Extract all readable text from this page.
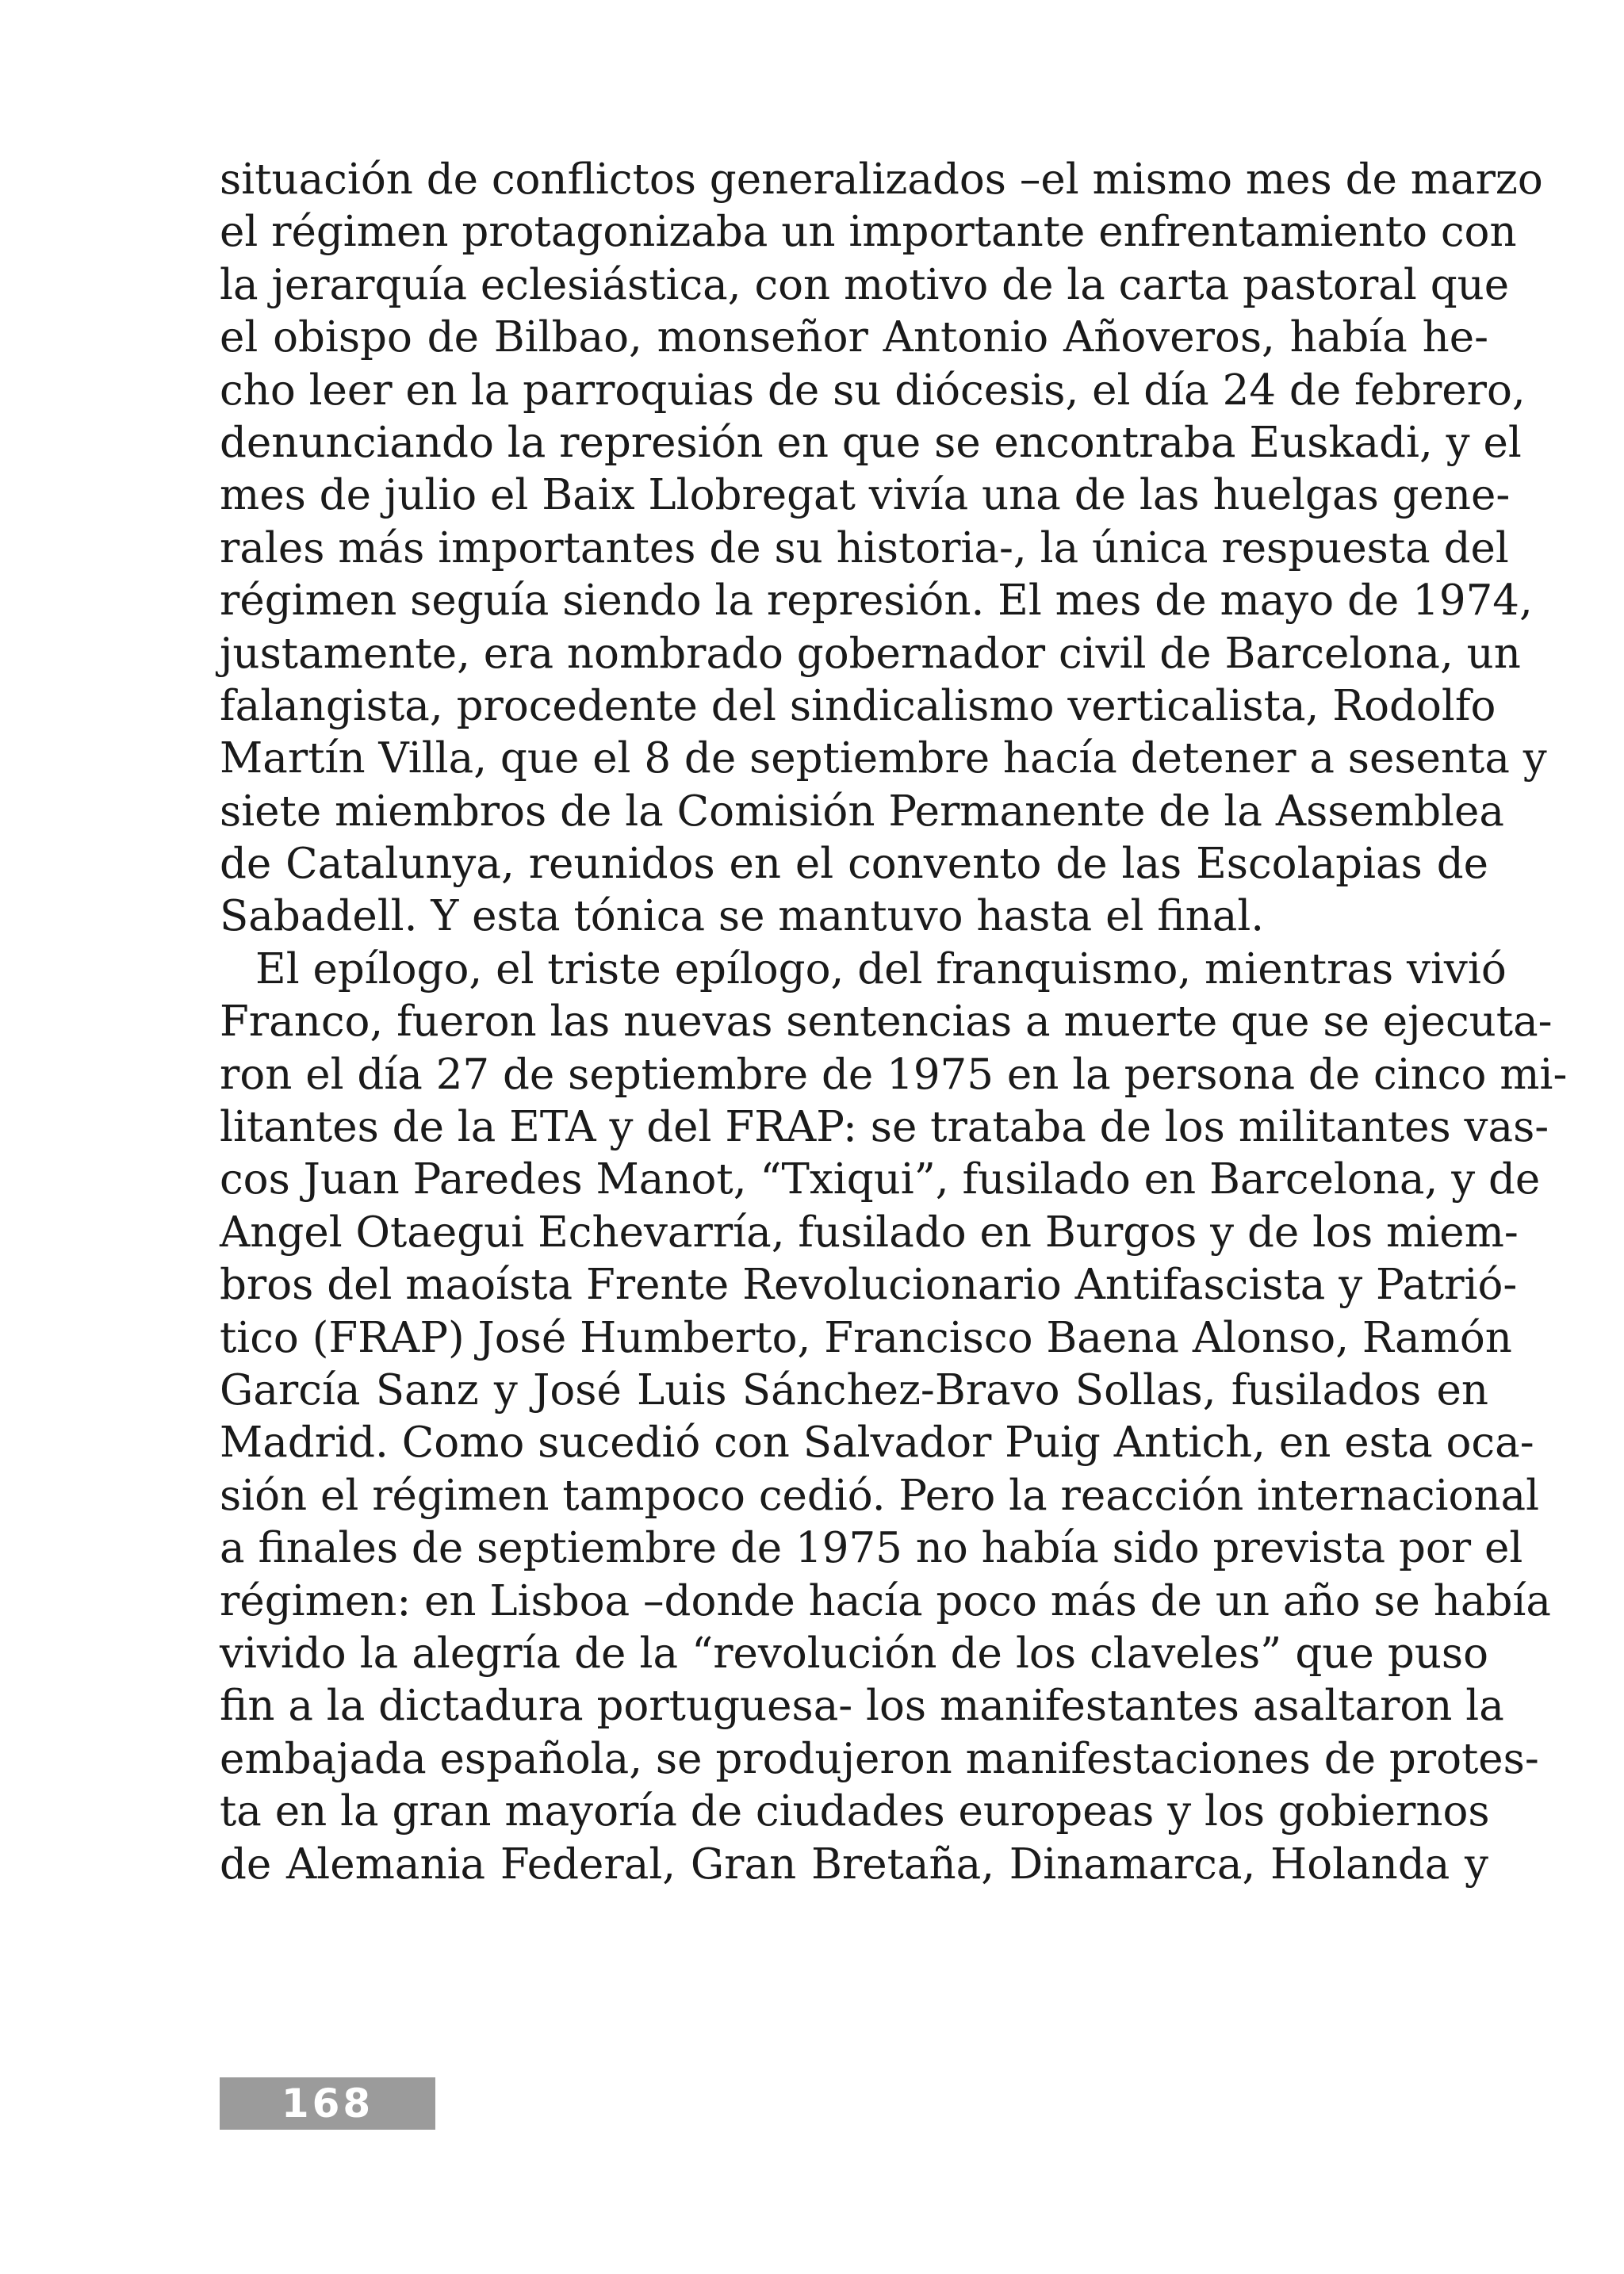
situación de conflictos generalizados –el mismo mes de marzo
el régimen protagonizaba un importante enfrentamiento con
la jerarquía eclesiástica, con motivo de la carta pastoral que
el obispo de Bilbao, monseñor Antonio Añoveros, había he-
cho leer en la parroquias de su diócesis, el día 24 de febrero,
denunciando la represión en que se encontraba Euskadi, y el
mes de julio el Baix Llobregat vivía una de las huelgas gene-
rales más importantes de su historia-, la única respuesta del
régimen seguía siendo la represión. El mes de mayo de 1974,
justamente, era nombrado gobernador civil de Barcelona, un
falangista, procedente del sindicalismo verticalista, Rodolfo
Martín Villa, que el 8 de septiembre hacía detener a sesenta y
siete miembros de la Comisión Permanente de la Assemblea
de Catalunya, reunidos en el convento de las Escolapias de
Sabadell. Y esta tónica se mantuvo hasta el final.
El epílogo, el triste epílogo, del franquismo, mientras vivió
Franco, fueron las nuevas sentencias a muerte que se ejecuta-
ron el día 27 de septiembre de 1975 en la persona de cinco mi-
litantes de la ETA y del FRAP: se trataba de los militantes vas-
cos Juan Paredes Manot, “Txiqui”, fusilado en Barcelona, y de
Angel Otaegui Echevarría, fusilado en Burgos y de los miem-
bros del maoísta Frente Revolucionario Antifascista y Patrió-
tico (FRAP) José Humberto, Francisco Baena Alonso, Ramón
García Sanz y José Luis Sánchez-Bravo Sollas, fusilados en
Madrid. Como sucedió con Salvador Puig Antich, en esta oca-
sión el régimen tampoco cedió. Pero la reacción internacional
a finales de septiembre de 1975 no había sido prevista por el
régimen: en Lisboa –donde hacía poco más de un año se había
vivido la alegría de la “revolución de los claveles” que puso
fin a la dictadura portuguesa- los manifestantes asaltaron la
embajada española, se produjeron manifestaciones de protes-
ta en la gran mayoría de ciudades europeas y los gobiernos
de Alemania Federal, Gran Bretaña, Dinamarca, Holanda y
168
